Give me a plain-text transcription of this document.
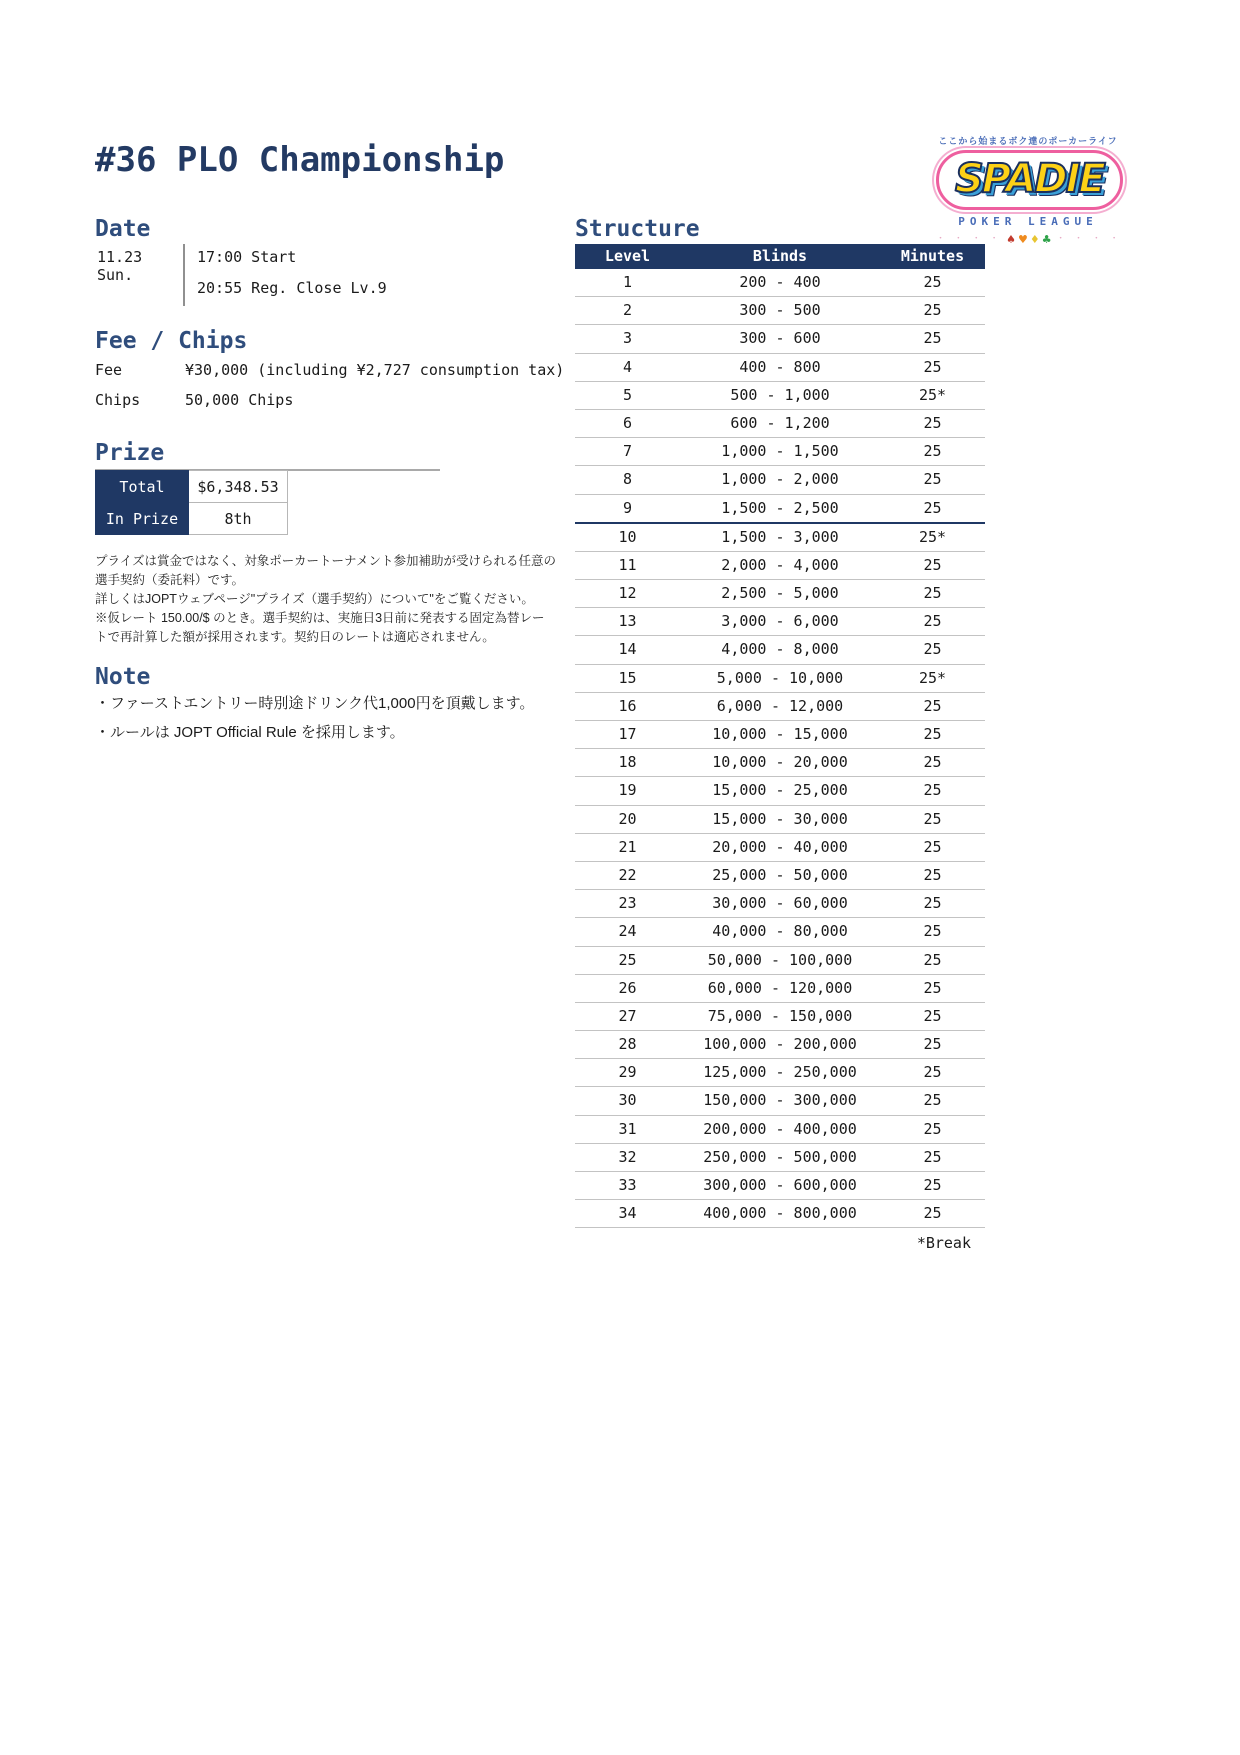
#36 PLO Championship	ここから始まるボク達のポーカーライフ
SPADIE
POKER LEAGUE
・ ・ ・ ・ ♠ ♥ ♦ ♣ ・ ・ ・ ・
Date
11.23 Sun.
17:00 Start
20:55 Reg. Close Lv.9
Fee / Chips
Fee	¥30,000 (including ¥2,727 consumption tax)
Chips	50,000 Chips
Prize
Total	$6,348.53
In Prize	8th
プライズは賞金ではなく、対象ポーカートーナメント参加補助が受けられる任意の
選手契約（委託料）です。
詳しくはJOPTウェブページ"プライズ（選手契約）について"をご覧ください。
※仮レート 150.00/$ のとき。選手契約は、実施日3日前に発表する固定為替レー
トで再計算した額が採用されます。契約日のレートは適応されません。
Note
・ファーストエントリー時別途ドリンク代1,000円を頂戴します。
・ルールは JOPT Official Rule を採用します。
Structure
Level	Blinds	Minutes
1	200 - 400	25
2	300 - 500	25
3	300 - 600	25
4	400 - 800	25
5	500 - 1,000	25*
6	600 - 1,200	25
7	1,000 - 1,500	25
8	1,000 - 2,000	25
9	1,500 - 2,500	25
10	1,500 - 3,000	25*
11	2,000 - 4,000	25
12	2,500 - 5,000	25
13	3,000 - 6,000	25
14	4,000 - 8,000	25
15	5,000 - 10,000	25*
16	6,000 - 12,000	25
17	10,000 - 15,000	25
18	10,000 - 20,000	25
19	15,000 - 25,000	25
20	15,000 - 30,000	25
21	20,000 - 40,000	25
22	25,000 - 50,000	25
23	30,000 - 60,000	25
24	40,000 - 80,000	25
25	50,000 - 100,000	25
26	60,000 - 120,000	25
27	75,000 - 150,000	25
28	100,000 - 200,000	25
29	125,000 - 250,000	25
30	150,000 - 300,000	25
31	200,000 - 400,000	25
32	250,000 - 500,000	25
33	300,000 - 600,000	25
34	400,000 - 800,000	25
*Break
